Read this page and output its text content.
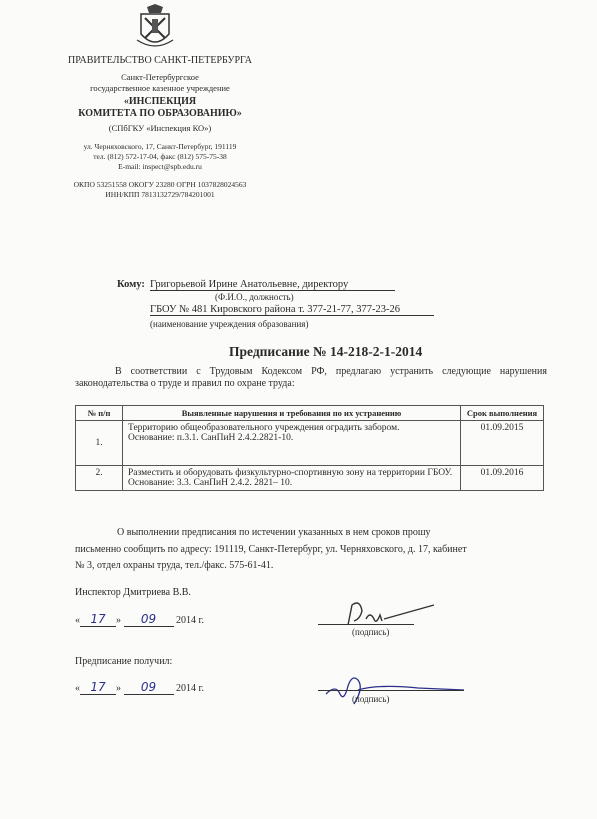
ПРАВИТЕЛЬСТВО САНКТ-ПЕТЕРБУРГА
Санкт-Петербургское
государственное казенное учреждение
«ИНСПЕКЦИЯ
КОМИТЕТА ПО ОБРАЗОВАНИЮ»
(СПбГКУ «Инспекция КО»)
ул. Черняховского, 17, Санкт-Петербург, 191119
тел. (812) 572-17-04, факс (812) 575-75-38
E-mail: inspect@spb.edu.ru
ОКПО 53251558 ОКОГУ 23280 ОГРН 1037828024563
ИНН/КПП 7813132729/784201001
Кому: Григорьевой Ирине Анатольевне, директору
(Ф.И.О., должность)
ГБОУ № 481 Кировского района т. 377-21-77, 377-23-26
(наименование учреждения образования)
Предписание № 14-218-2-1-2014
В соответствии с Трудовым Кодексом РФ, предлагаю устранить следующие нарушения законодательства о труде и правил по охране труда:
№ п/п	Выявленные нарушения и требования по их устранению	Срок выполнения
1.	Территорию общеобразовательного учреждения оградить забором.
Основание: п.3.1. СанПиН 2.4.2.2821-10.	01.09.2015
2.	Разместить и оборудовать физкультурно-спортивную зону на территории ГБОУ.
Основание: 3.3. СанПиН 2.4.2. 2821– 10.	01.09.2016
О выполнении предписания по истечении указанных в нем сроков прошу
письменно сообщить по адресу: 191119, Санкт-Петербург, ул. Черняховского, д. 17, кабинет
№ 3, отдел охраны труда, тел./факс. 575-61-41.
Инспектор Дмитриева В.В.
« 17 » 09 2014 г.
(подпись)
Предписание получил:
« 17 » 09 2014 г.
(подпись)
